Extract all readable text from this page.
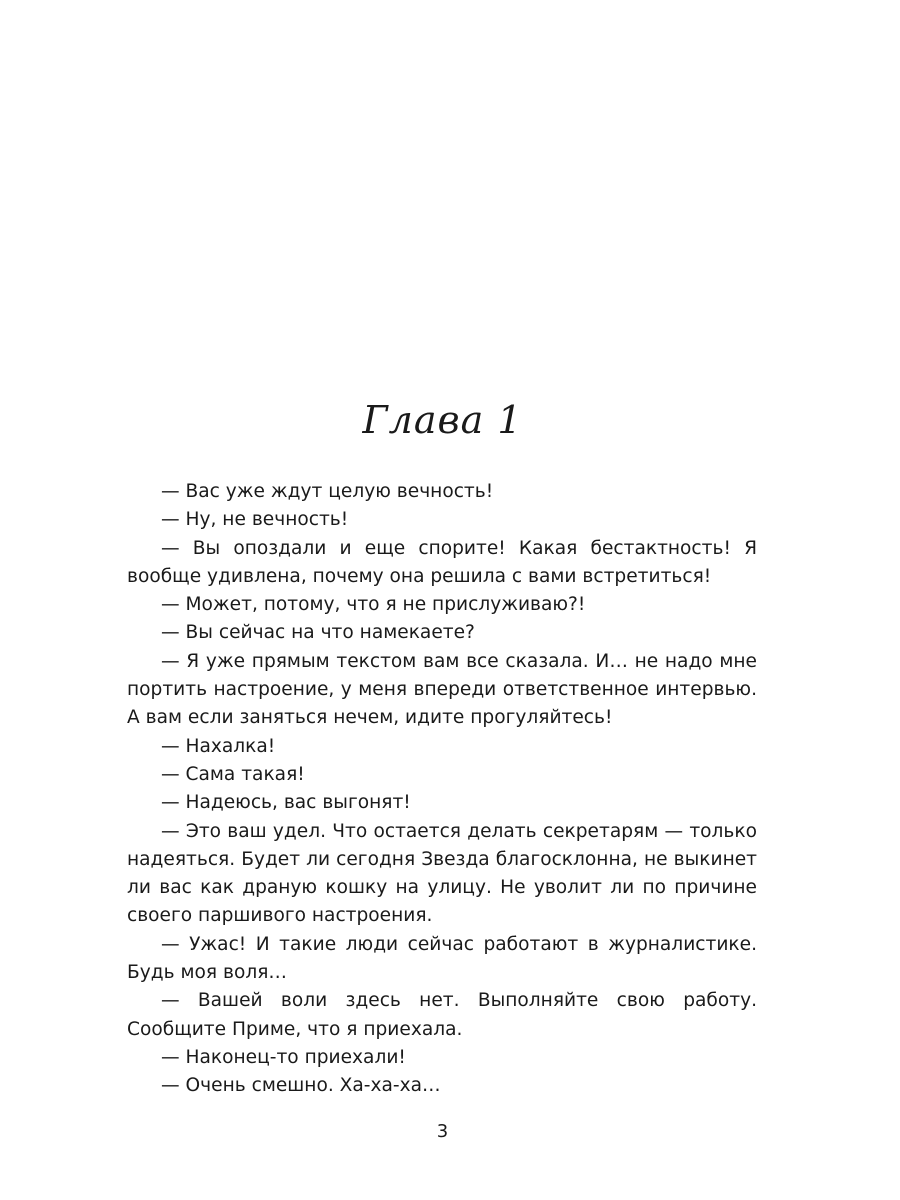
Глава 1

— Вас уже ждут целую вечность!

— Ну, не вечность!

— Вы опоздали и еще спорите! Какая бестактность! Я вообще удивлена, почему она решила с вами встретиться!

— Может, потому, что я не прислуживаю?!

— Вы сейчас на что намекаете?

— Я уже прямым текстом вам все сказала. И… не надо мне портить настроение, у меня впереди ответственное интервью. А вам если заняться нечем, идите прогуляйтесь!

— Нахалка!

— Сама такая!

— Надеюсь, вас выгонят!

— Это ваш удел. Что остается делать секретарям — только надеяться. Будет ли сегодня Звезда благосклонна, не выкинет ли вас как драную кошку на улицу. Не уволит ли по причине своего паршивого настроения.

— Ужас! И такие люди сейчас работают в журналистике. Будь моя воля…

— Вашей воли здесь нет. Выполняйте свою работу. Сообщите Приме, что я приехала.

— Наконец-то приехали!

— Очень смешно. Ха-ха-ха…

3
